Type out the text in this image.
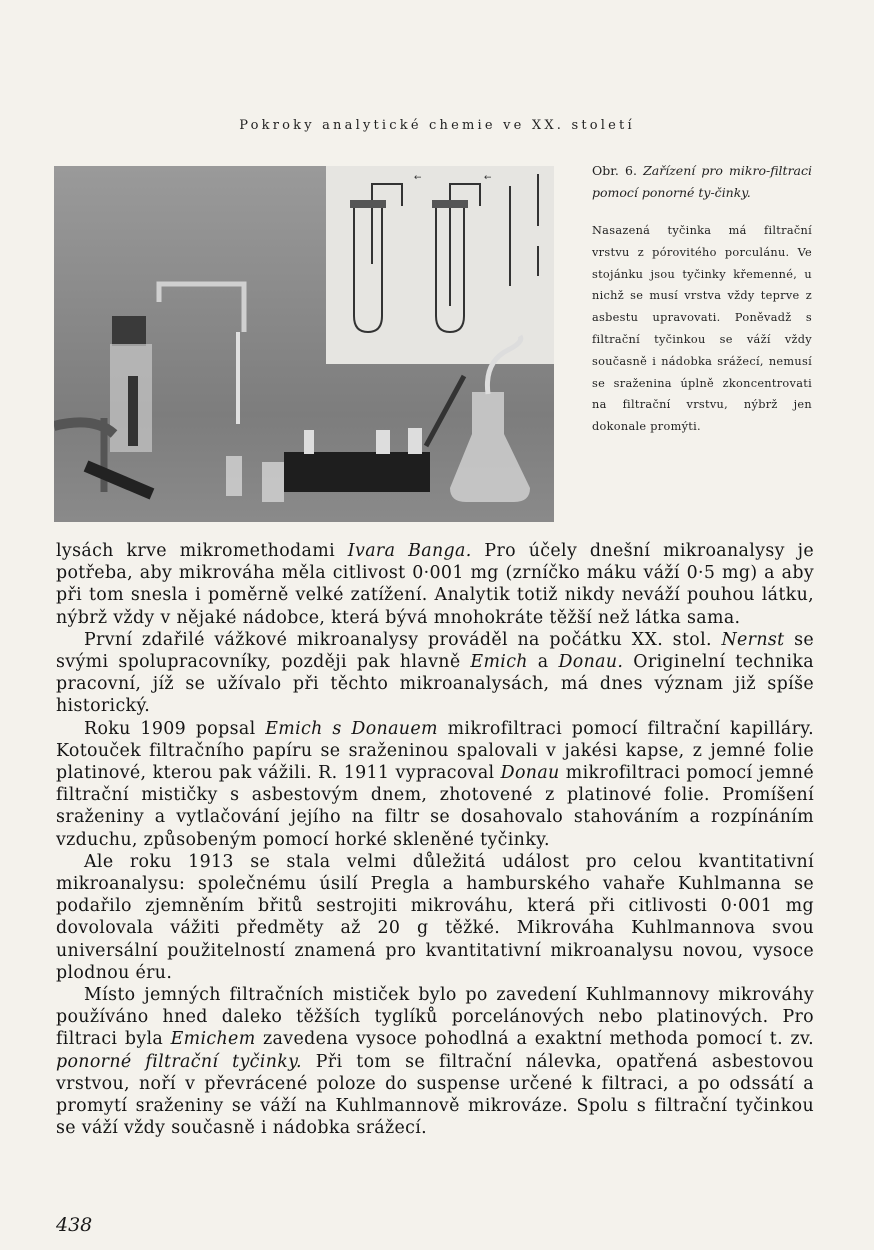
Pokroky analytické chemie ve XX. století
←	←	Obr. 6. Zařízení pro mikro-filtraci pomocí ponorné ty-činky.

Nasazená tyčinka má filtrační vrstvu z pórovitého porculánu. Ve stojánku jsou tyčinky křemenné, u nichž se musí vrstva vždy teprve z asbestu upravovati. Poněvadž s filtrační tyčinkou se váží vždy současně i nádobka srážecí, nemusí se sraženina úplně zkoncentrovati na filtrační vrstvu, nýbrž jen dokonale promýti.

lysách krve mikromethodami Ivara Banga. Pro účely dnešní mikroanalysy je potřeba, aby mikrováha měla citlivost 0·001 mg (zrníčko máku váží 0·5 mg) a aby při tom snesla i poměrně velké zatížení. Analytik totiž nikdy neváží pouhou látku, nýbrž vždy v nějaké nádobce, která bývá mnohokráte těžší než látka sama.

První zdařilé vážkové mikroanalysy prováděl na počátku XX. stol. Nernst se svými spolupracovníky, později pak hlavně Emich a Donau. Originelní technika pracovní, jíž se užívalo při těchto mikroanalysách, má dnes význam již spíše historický.

Roku 1909 popsal Emich s Donauem mikrofiltraci pomocí filtrační kapilláry. Kotouček filtračního papíru se sraženinou spalovali v jakési kapse, z jemné folie platinové, kterou pak vážili. R. 1911 vypracoval Donau mikrofiltraci pomocí jemné filtrační mističky s asbestovým dnem, zhotovené z platinové folie. Promíšení sraženiny a vytlačování jejího na filtr se dosahovalo stahováním a rozpínáním vzduchu, způsobeným pomocí horké skleněné tyčinky.

Ale roku 1913 se stala velmi důležitá událost pro celou kvantitativní mikroanalysu: společnému úsilí Pregla a hamburského vahaře Kuhlmanna se podařilo zjemněním břitů sestrojiti mikrováhu, která při citlivosti 0·001 mg dovolovala vážiti předměty až 20 g těžké. Mikrováha Kuhlmannova svou universální použitelností znamená pro kvantitativní mikroanalysu novou, vysoce plodnou éru.

Místo jemných filtračních mističek bylo po zavedení Kuhlmannovy mikrováhy používáno hned daleko těžších tyglíků porcelánových nebo platinových. Pro filtraci byla Emichem zavedena vysoce pohodlná a exaktní methoda pomocí t. zv. ponorné filtrační tyčinky. Při tom se filtrační nálevka, opatřená asbestovou vrstvou, noří v převrácené poloze do suspense určené k filtraci, a po odssátí a promytí sraženiny se váží na Kuhlmannově mikrováze. Spolu s filtrační tyčinkou se váží vždy současně i nádobka srážecí.

438
